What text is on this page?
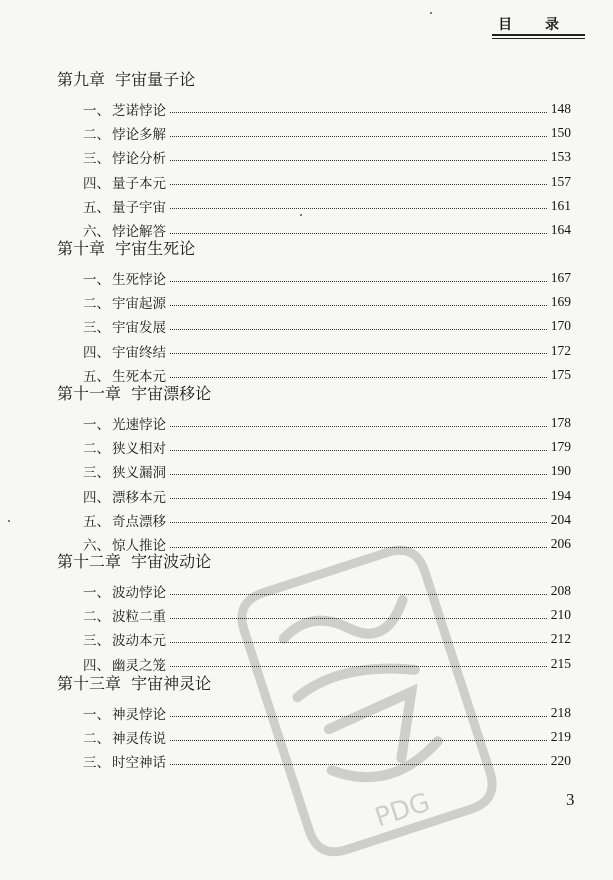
目 录
第九章  宇宙量子论
一、 芝诺悖论	148
二、 悖论多解	150
三、 悖论分析	153
四、 量子本元	157
五、 量子宇宙	161
六、 悖论解答	164
第十章  宇宙生死论
一、 生死悖论	167
二、 宇宙起源	169
三、 宇宙发展	170
四、 宇宙终结	172
五、 生死本元	175
第十一章  宇宙漂移论
一、 光速悖论	178
二、 狭义相对	179
三、 狭义漏洞	190
四、 漂移本元	194
五、 奇点漂移	204
六、 惊人推论	206
第十二章  宇宙波动论
一、 波动悖论	208
二、 波粒二重	210
三、 波动本元	212
四、 幽灵之笼	215
第十三章  宇宙神灵论
一、 神灵悖论	218
二、 神灵传说	219
三、 时空神话	220
PDG	3
